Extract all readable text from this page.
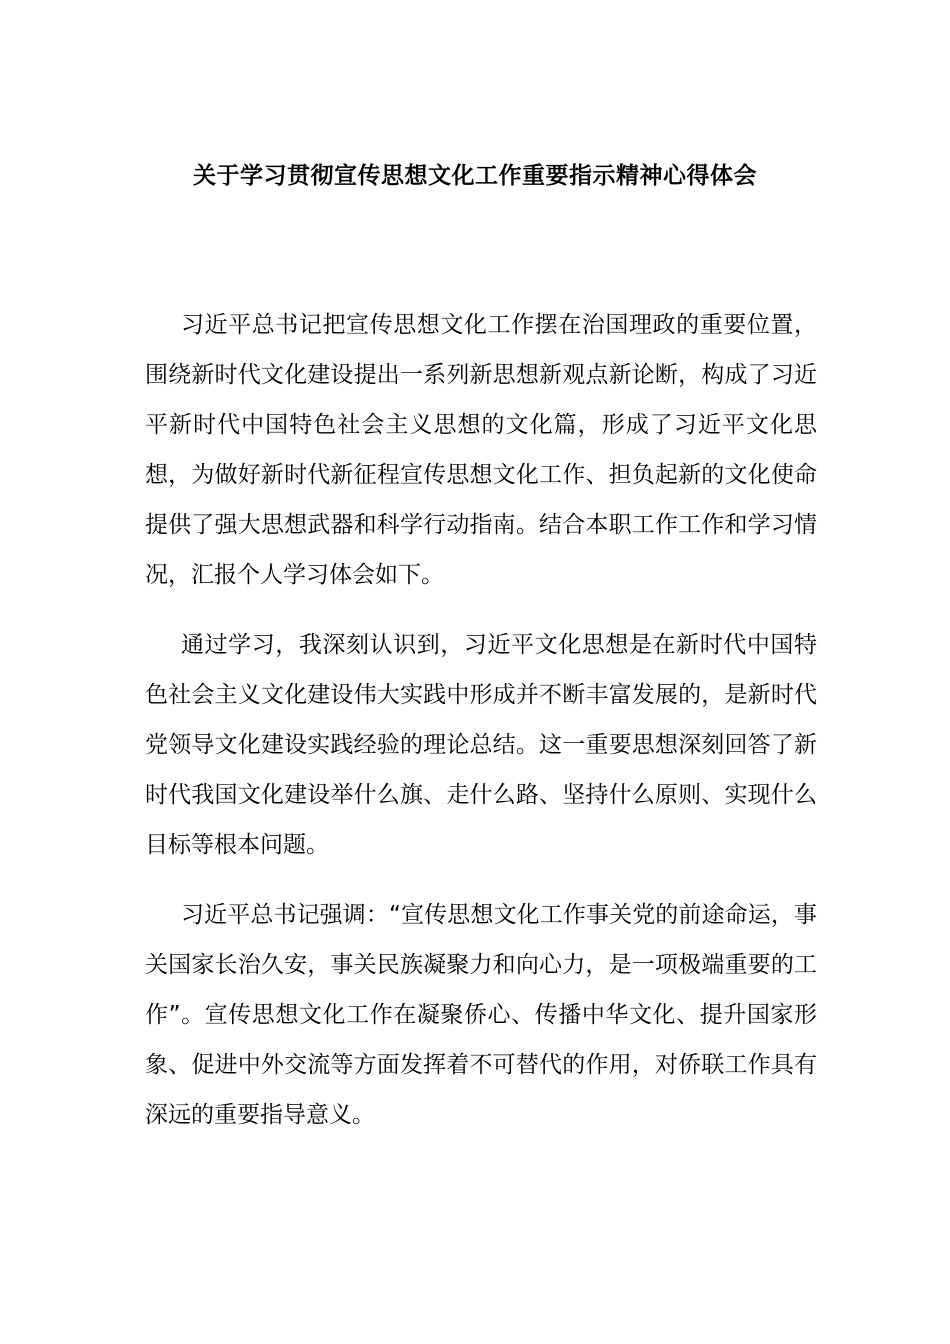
关于学习贯彻宣传思想文化工作重要指示精神心得体会

习近平总书记把宣传思想文化工作摆在治国理政的重要位置，围绕新时代文化建设提出一系列新思想新观点新论断，构成了习近平新时代中国特色社会主义思想的文化篇，形成了习近平文化思想，为做好新时代新征程宣传思想文化工作、担负起新的文化使命提供了强大思想武器和科学行动指南。结合本职工作工作和学习情况，汇报个人学习体会如下。

通过学习，我深刻认识到，习近平文化思想是在新时代中国特色社会主义文化建设伟大实践中形成并不断丰富发展的，是新时代党领导文化建设实践经验的理论总结。这一重要思想深刻回答了新时代我国文化建设举什么旗、走什么路、坚持什么原则、实现什么目标等根本问题。

习近平总书记强调：“宣传思想文化工作事关党的前途命运，事关国家长治久安，事关民族凝聚力和向心力，是一项极端重要的工作”。宣传思想文化工作在凝聚侨心、传播中华文化、提升国家形象、促进中外交流等方面发挥着不可替代的作用，对侨联工作具有深远的重要指导意义。
